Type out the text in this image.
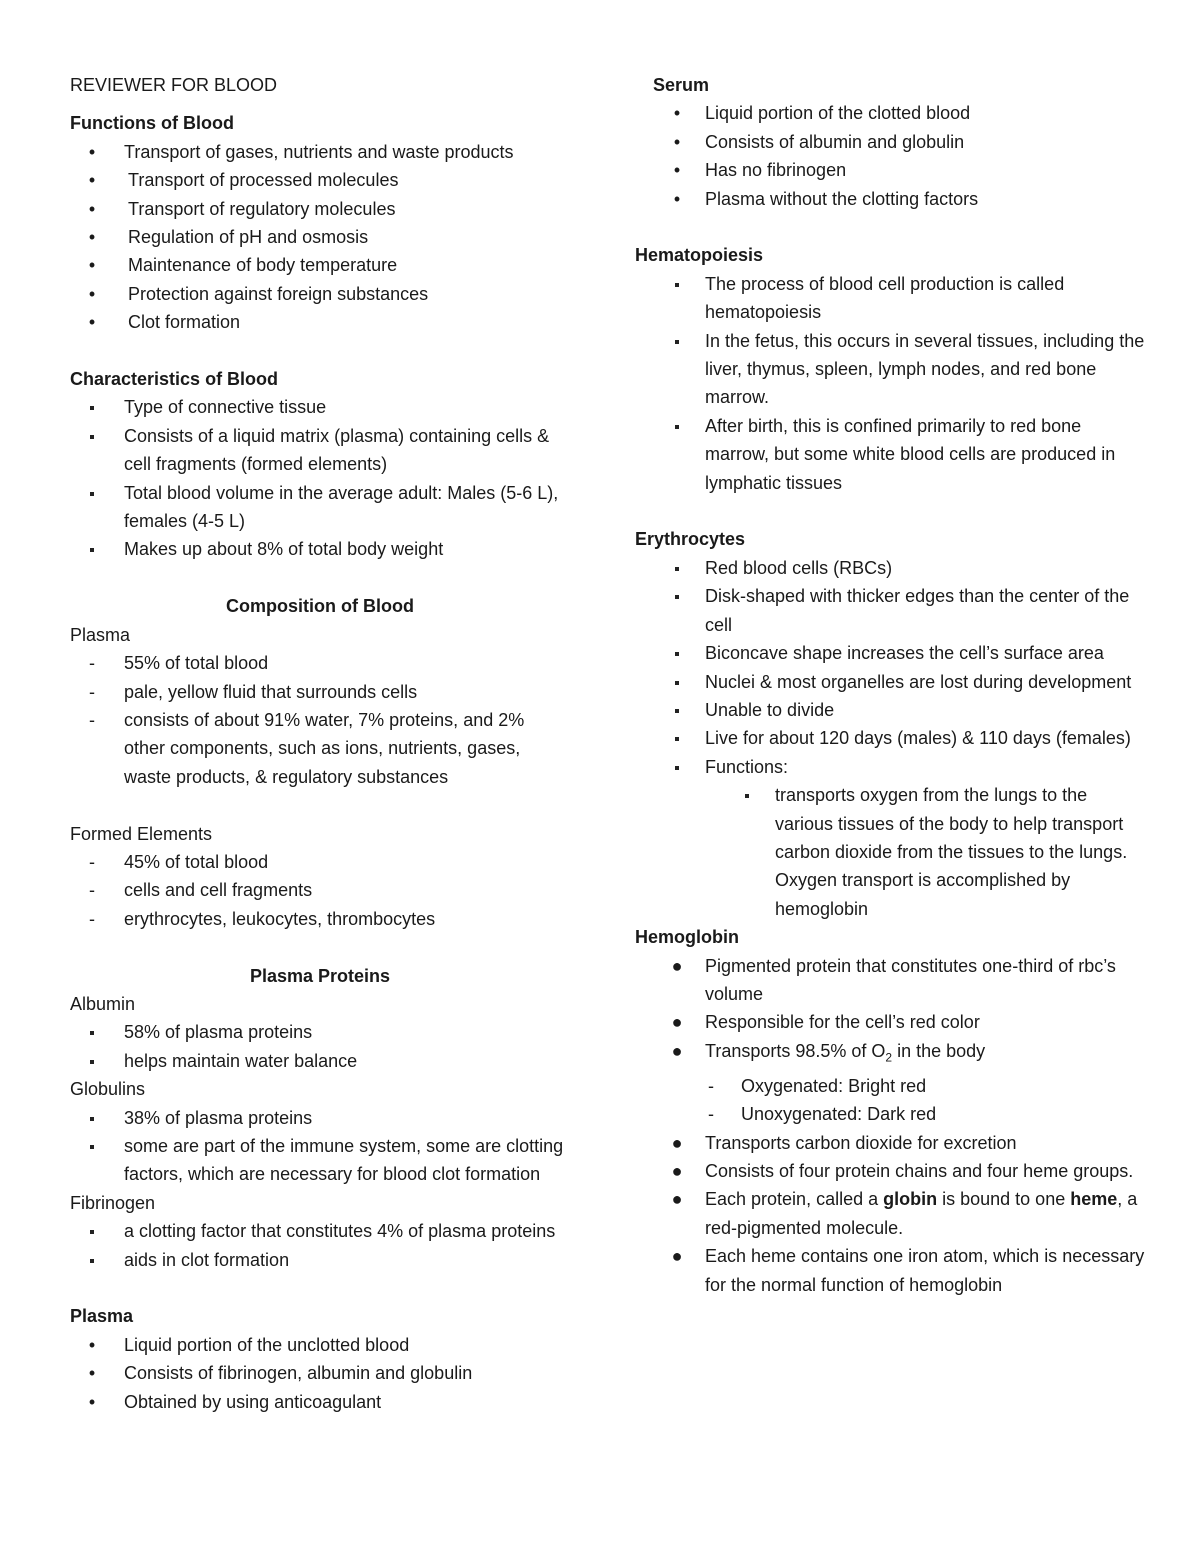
REVIEWER FOR BLOOD
Functions of Blood
•	Transport of gases, nutrients and waste products
•	Transport of processed molecules
•	Transport of regulatory molecules
•	Regulation of pH and osmosis
•	Maintenance of body temperature
•	Protection against foreign substances
•	Clot formation
Characteristics of Blood
Type of connective tissue
Consists of a liquid matrix (plasma) containing cells & cell fragments (formed elements)
Total blood volume in the average adult: Males (5-6 L), females (4-5 L)
Makes up about 8% of total body weight
Composition of Blood
Plasma
-	55% of total blood
-	pale, yellow fluid that surrounds cells
-	consists of about 91% water, 7% proteins, and 2% other components, such as ions, nutrients, gases, waste products, & regulatory substances
Formed Elements
-	45% of total blood
-	cells and cell fragments
-	erythrocytes, leukocytes, thrombocytes
Plasma Proteins
Albumin
58% of plasma proteins
helps maintain water balance
Globulins
38% of plasma proteins
some are part of the immune system, some are clotting factors, which are necessary for blood clot formation
Fibrinogen
a clotting factor that constitutes 4% of plasma proteins
aids in clot formation
Plasma
•	Liquid portion of the unclotted blood
•	Consists of fibrinogen, albumin and globulin
•	Obtained by using anticoagulant
Serum
•	Liquid portion of the clotted blood
•	Consists of albumin and globulin
•	Has no fibrinogen
•	Plasma without the clotting factors
Hematopoiesis
The process of blood cell production is called hematopoiesis
In the fetus, this occurs in several tissues, including the liver, thymus, spleen, lymph nodes, and red bone marrow.
After birth, this is confined primarily to red bone marrow, but some white blood cells are produced in lymphatic tissues
Erythrocytes
Red blood cells (RBCs)
Disk-shaped with thicker edges than the center of the cell
Biconcave shape increases the cell’s surface area
Nuclei & most organelles are lost during development
Unable to divide
Live for about 120 days (males) & 110 days (females)
Functions:
transports oxygen from the lungs to the various tissues of the body to help transport carbon dioxide from the tissues to the lungs. Oxygen transport is accomplished by hemoglobin
Hemoglobin
● Pigmented protein that constitutes one-third of rbc’s volume
● Responsible for the cell’s red color
● Transports 98.5% of $O_2$ in the body
-	Oxygenated: Bright red
-	Unoxygenated: Dark red
● Transports carbon dioxide for excretion
● Consists of four protein chains and four heme groups.
● Each protein, called a globin is bound to one heme, a red-pigmented molecule.
● Each heme contains one iron atom, which is necessary for the normal function of hemoglobin
